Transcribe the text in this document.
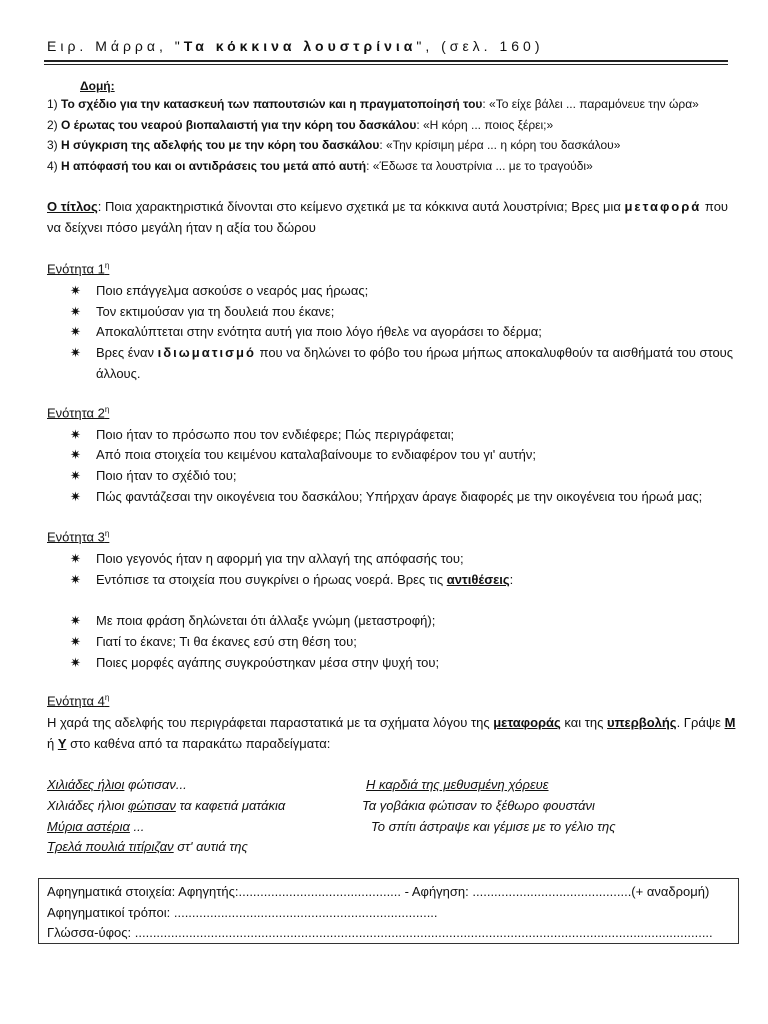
Ειρ. Μάρρα, "Τα κόκκινα λουστρίνια", (σελ. 160)
Δομή:
1) Το σχέδιο για την κατασκευή των παπουτσιών και η πραγματοποίησή του: «Το είχε βάλει ... παραμόνευε την ώρα»
2) Ο έρωτας του νεαρού βιοπαλαιστή για την κόρη του δασκάλου: «Η κόρη ... ποιος ξέρει;»
3) Η σύγκριση της αδελφής του με την κόρη του δασκάλου: «Την κρίσιμη μέρα ... η κόρη του δασκάλου»
4) Η απόφασή του και οι αντιδράσεις του μετά από αυτή: «Έδωσε τα λουστρίνια ... με το τραγούδι»
Ο τίτλος: Ποια χαρακτηριστικά δίνονται στο κείμενο σχετικά με τα κόκκινα αυτά λουστρίνια; Βρες μια μεταφορά που
να δείχνει πόσο μεγάλη ήταν η αξία του δώρου
Ενότητα $1^\eta$
✷ Ποιο επάγγελμα ασκούσε ο νεαρός μας ήρωας;
✷ Τον εκτιμούσαν για τη δουλειά που έκανε;
✷ Αποκαλύπτεται στην ενότητα αυτή για ποιο λόγο ήθελε να αγοράσει το δέρμα;
✷ Βρες έναν ιδιωματισμό που να δηλώνει το φόβο του ήρωα μήπως αποκαλυφθούν τα αισθήματά του στους
άλλους.
Ενότητα $2^\eta$
✷ Ποιο ήταν το πρόσωπο που τον ενδιέφερε; Πώς περιγράφεται;
✷ Από ποια στοιχεία του κειμένου καταλαβαίνουμε το ενδιαφέρον του γι' αυτήν;
✷ Ποιο ήταν το σχέδιό του;
✷ Πώς φαντάζεσαι την οικογένεια του δασκάλου; Υπήρχαν άραγε διαφορές με την οικογένεια του ήρωά μας;
Ενότητα $3^\eta$
✷ Ποιο γεγονός ήταν η αφορμή για την αλλαγή της απόφασής του;
✷ Εντόπισε τα στοιχεία που συγκρίνει ο ήρωας νοερά. Βρες τις αντιθέσεις:
✷ Με ποια φράση δηλώνεται ότι άλλαξε γνώμη (μεταστροφή);
✷ Γιατί το έκανε; Τι θα έκανες εσύ στη θέση του;
✷ Ποιες μορφές αγάπης συγκρούστηκαν μέσα στην ψυχή του;
Ενότητα $4^\eta$
Η χαρά της αδελφής του περιγράφεται παραστατικά με τα σχήματα λόγου της μεταφοράς και της υπερβολής. Γράψε Μ
ή Υ στο καθένα από τα παρακάτω παραδείγματα:
Χιλιάδες ήλιοι φώτισαν...
Χιλιάδες ήλιοι φώτισαν τα καφετιά ματάκια
Μύρια αστέρια ...
Τρελά πουλιά τιτίριζαν στ' αυτιά της
Η καρδιά της μεθυσμένη χόρευε
Τα γοβάκια φώτισαν το ξέθωρο φουστάνι
Το σπίτι άστραψε και γέμισε με το γέλιο της
Αφηγηματικά στοιχεία: Αφηγητής:............................................. - Αφήγηση: ............................................(+ αναδρομή)
Αφηγηματικοί τρόποι: .........................................................................
Γλώσσα-ύφος: ................................................................................................................................................................
